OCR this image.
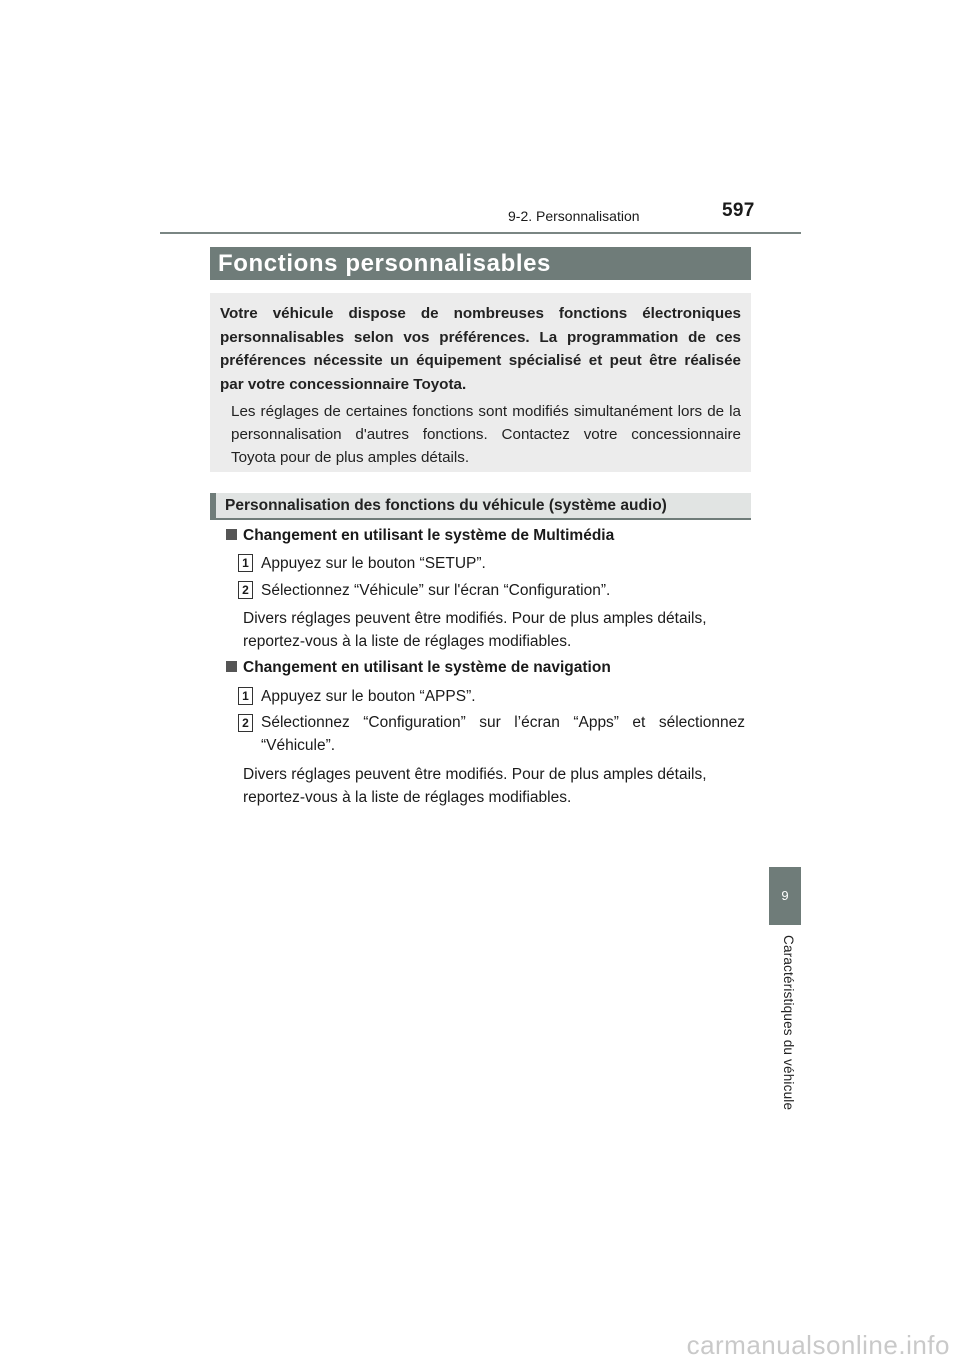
597
9-2. Personnalisation
Fonctions personnalisables
Votre véhicule dispose de nombreuses fonctions électroniques personnalisables selon vos préférences. La programmation de ces préférences nécessite un équipement spécialisé et peut être réalisée par votre concessionnaire Toyota.
Les réglages de certaines fonctions sont modifiés simultanément lors de la personnalisation d'autres fonctions. Contactez votre concessionnaire Toyota pour de plus amples détails.
Personnalisation des fonctions du véhicule (système audio)
Changement en utilisant le système de Multimédia
1 Appuyez sur le bouton “SETUP”.
2 Sélectionnez “Véhicule” sur l'écran “Configuration”.
Divers réglages peuvent être modifiés. Pour de plus amples détails, reportez-vous à la liste de réglages modifiables.
Changement en utilisant le système de navigation
1 Appuyez sur le bouton “APPS”.
2 Sélectionnez “Configuration” sur l’écran “Apps” et sélectionnez “Véhicule”.
Divers réglages peuvent être modifiés. Pour de plus amples détails, reportez-vous à la liste de réglages modifiables.
9
Caractéristiques du véhicule
carmanualsonline.info
